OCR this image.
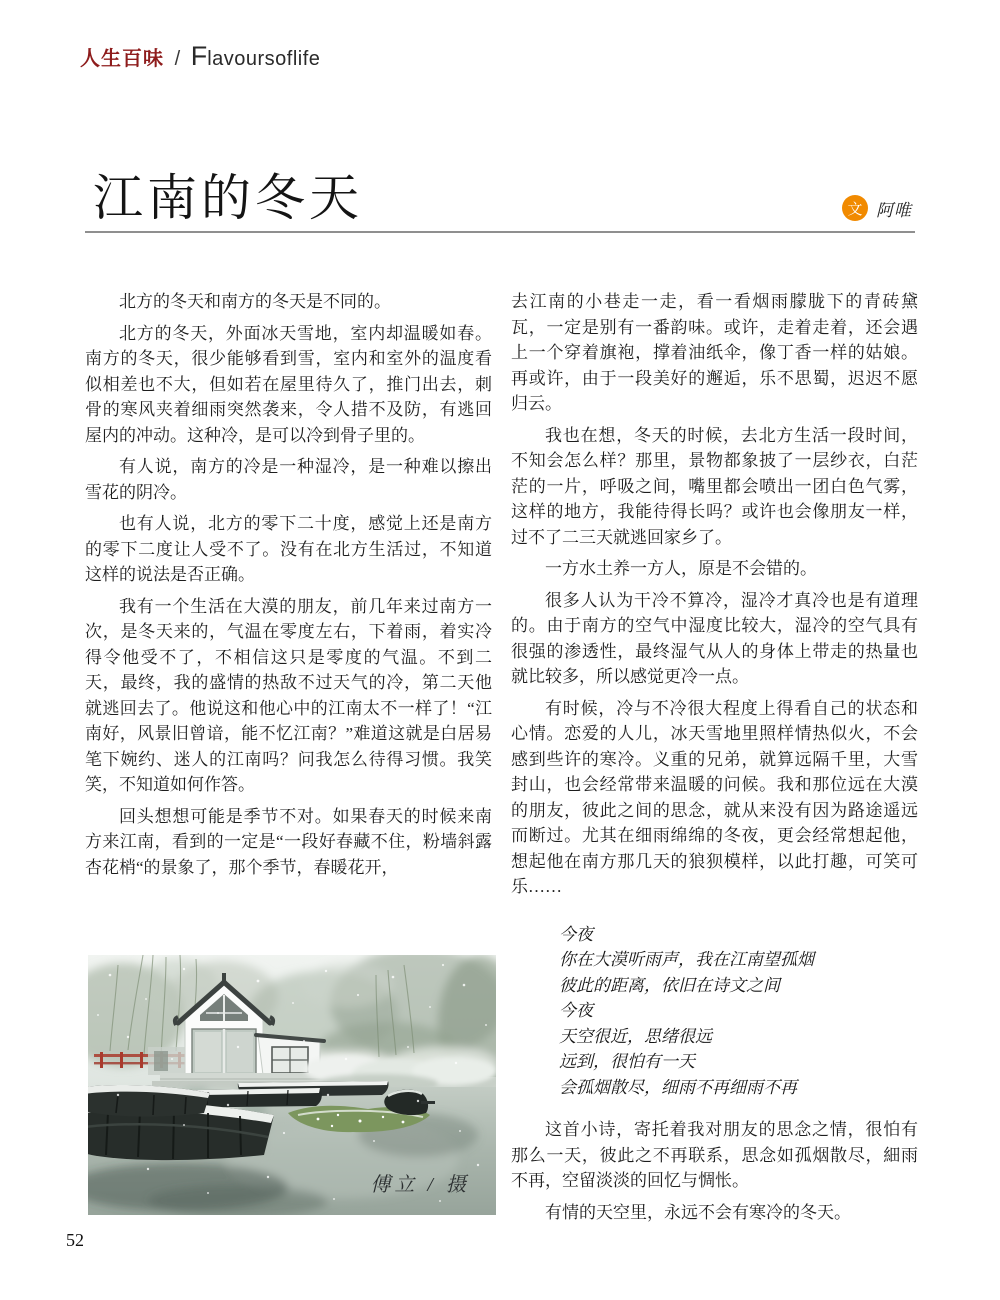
人生百味 / Flavoursoflife
江南的冬天	文 阿唯

北方的冬天和南方的冬天是不同的。

北方的冬天，外面冰天雪地，室内却温暖如春。南方的冬天，很少能够看到雪，室内和室外的温度看似相差也不大，但如若在屋里待久了，推门出去，刺骨的寒风夹着细雨突然袭来，令人措不及防，有逃回屋内的冲动。这种冷，是可以冷到骨子里的。

有人说，南方的冷是一种湿冷，是一种难以擦出雪花的阴冷。

也有人说，北方的零下二十度，感觉上还是南方的零下二度让人受不了。没有在北方生活过，不知道这样的说法是否正确。

我有一个生活在大漠的朋友，前几年来过南方一次，是冬天来的，气温在零度左右，下着雨，着实冷得令他受不了，不相信这只是零度的气温。不到二天，最终，我的盛情的热敌不过天气的冷，第二天他就逃回去了。他说这和他心中的江南太不一样了！“江南好，风景旧曾谙，能不忆江南？”难道这就是白居易笔下婉约、迷人的江南吗？问我怎么待得习惯。我笑笑，不知道如何作答。

回头想想可能是季节不对。如果春天的时候来南方来江南，看到的一定是“一段好春藏不住，粉墙斜露杏花梢“的景象了，那个季节，春暖花开，

去江南的小巷走一走，看一看烟雨朦胧下的青砖黛瓦，一定是别有一番韵味。或许，走着走着，还会遇上一个穿着旗袍，撑着油纸伞，像丁香一样的姑娘。再或许，由于一段美好的邂逅，乐不思蜀，迟迟不愿归云。

我也在想，冬天的时候，去北方生活一段时间，不知会怎么样？那里，景物都象披了一层纱衣，白茫茫的一片，呼吸之间，嘴里都会喷出一团白色气雾，这样的地方，我能待得长吗？或许也会像朋友一样，过不了二三天就逃回家乡了。

一方水土养一方人，原是不会错的。

很多人认为干冷不算冷，湿冷才真冷也是有道理的。由于南方的空气中湿度比较大，湿冷的空气具有很强的渗透性，最终湿气从人的身体上带走的热量也就比较多，所以感觉更冷一点。

有时候，冷与不冷很大程度上得看自己的状态和心情。恋爱的人儿，冰天雪地里照样情热似火，不会感到些许的寒冷。义重的兄弟，就算远隔千里，大雪封山，也会经常带来温暖的问候。我和那位远在大漠的朋友，彼此之间的思念，就从来没有因为路途遥远而断过。尤其在细雨绵绵的冬夜，更会经常想起他，想起他在南方那几天的狼狈模样，以此打趣，可笑可乐……

今夜
你在大漠听雨声，我在江南望孤烟
彼此的距离，依旧在诗文之间
今夜
天空很近，思绪很远
远到，很怕有一天
会孤烟散尽，细雨不再细雨不再

这首小诗，寄托着我对朋友的思念之情，很怕有那么一天，彼此之不再联系，思念如孤烟散尽，細雨不再，空留淡淡的回忆与惆怅。

有情的天空里，永远不会有寒冷的冬天。

傅立 / 摄
52
